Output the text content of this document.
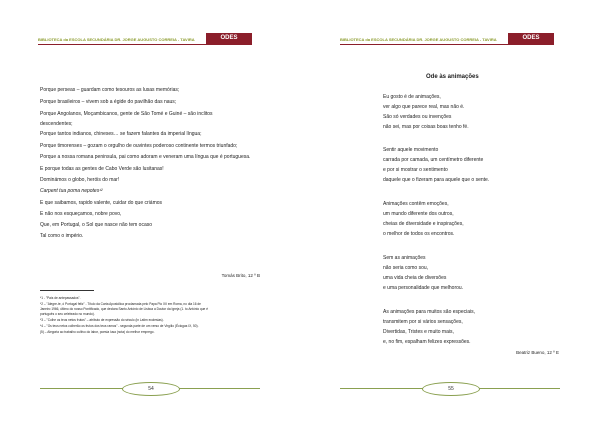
BIBLIOTECA da ESCOLA SECUNDÁRIA DR. JORGE AUGUSTO CORREIA - TAVIRA	ODES
Porque perseas – guardam como tesouros as lusas memórias;
Porque brasileiros – vivem sob a égide do pavilhão das naus;
Porque Angolanos, Moçambicanos, gente de São Tomé e Guiné – são inclitos
descendentes;
Porque tantos indianos, chineses… se fazem falantes da imperial língua;
Porque timorenses – gozam o orgulho de ouvintes poderoso continente termos triunfado;
Porque a nossa romana peninsula, pai como adoram e veneram uma língua que é portuguesa.
E porque todas as gentes de Cabo Verde são lusitanas!
Dominámos o globo, heróis do mar!
Carpent tua poma nepotes¹²
E que saibamos, rapido valente, cuidar do que criámos
E não nos esqueçamos, nobre povo,
Que, em Portugal, o Sol que nasce não tem ocaso
Tal como o império.
Tomás Brito, 12 º B
*1 - "País de antepassados".
*2 – "Alegre-te, ó Portugal feliz" - Título da Carta Apostólica proclamada pelo Papa Pio XII em Roma, no dia 16 de
Janeiro 1966, último do nosso Pontificado, que declara Santo António de Lisboa a Doutor da Igreja (1. to António que é
português o seu celebrado no mundo).
*3 – "Colhe os teus netos frutos" – atributo de expressão do século (in Latim ecclesias).
*4 – "Os teus netos colherão os frutos dos teus ramos" - segunda parte de um verso de Virgílio (Éclogas IX, 50).
(5) – Alegoria ao trabalho cultivo do labor, poesia lusa (nota) do melhor emprego.
54
BIBLIOTECA da ESCOLA SECUNDÁRIA DR. JORGE AUGUSTO CORREIA - TAVIRA	ODES
55
Ode às animações
Eu gosto é de animações,
ver algo que parece real, mas não é.
São só verdades ou invenções
não sei, mas por coisas boas tenho fé.
Sentir aquele movimento
carrada por camada, um centímetro diferente
e por si mostrar o sentimento
daquele que o fizeram para aquele que o sente.
Animações contêm emoções,
um mundo diferente dos outros,
cheias de diversidade e inspirações,
o melhor de todos os encontros.
Sem as animações
não seria como sou,
uma vida cheia de diversões
e uma personalidade que melhorou.
As animações para muitos são especiais,
transmitem por si vários sensações,
Divertidas, Tristes e muito mais,
e, no fim, espalham felizes expressões.
Beatriz Bueno, 12 º E
